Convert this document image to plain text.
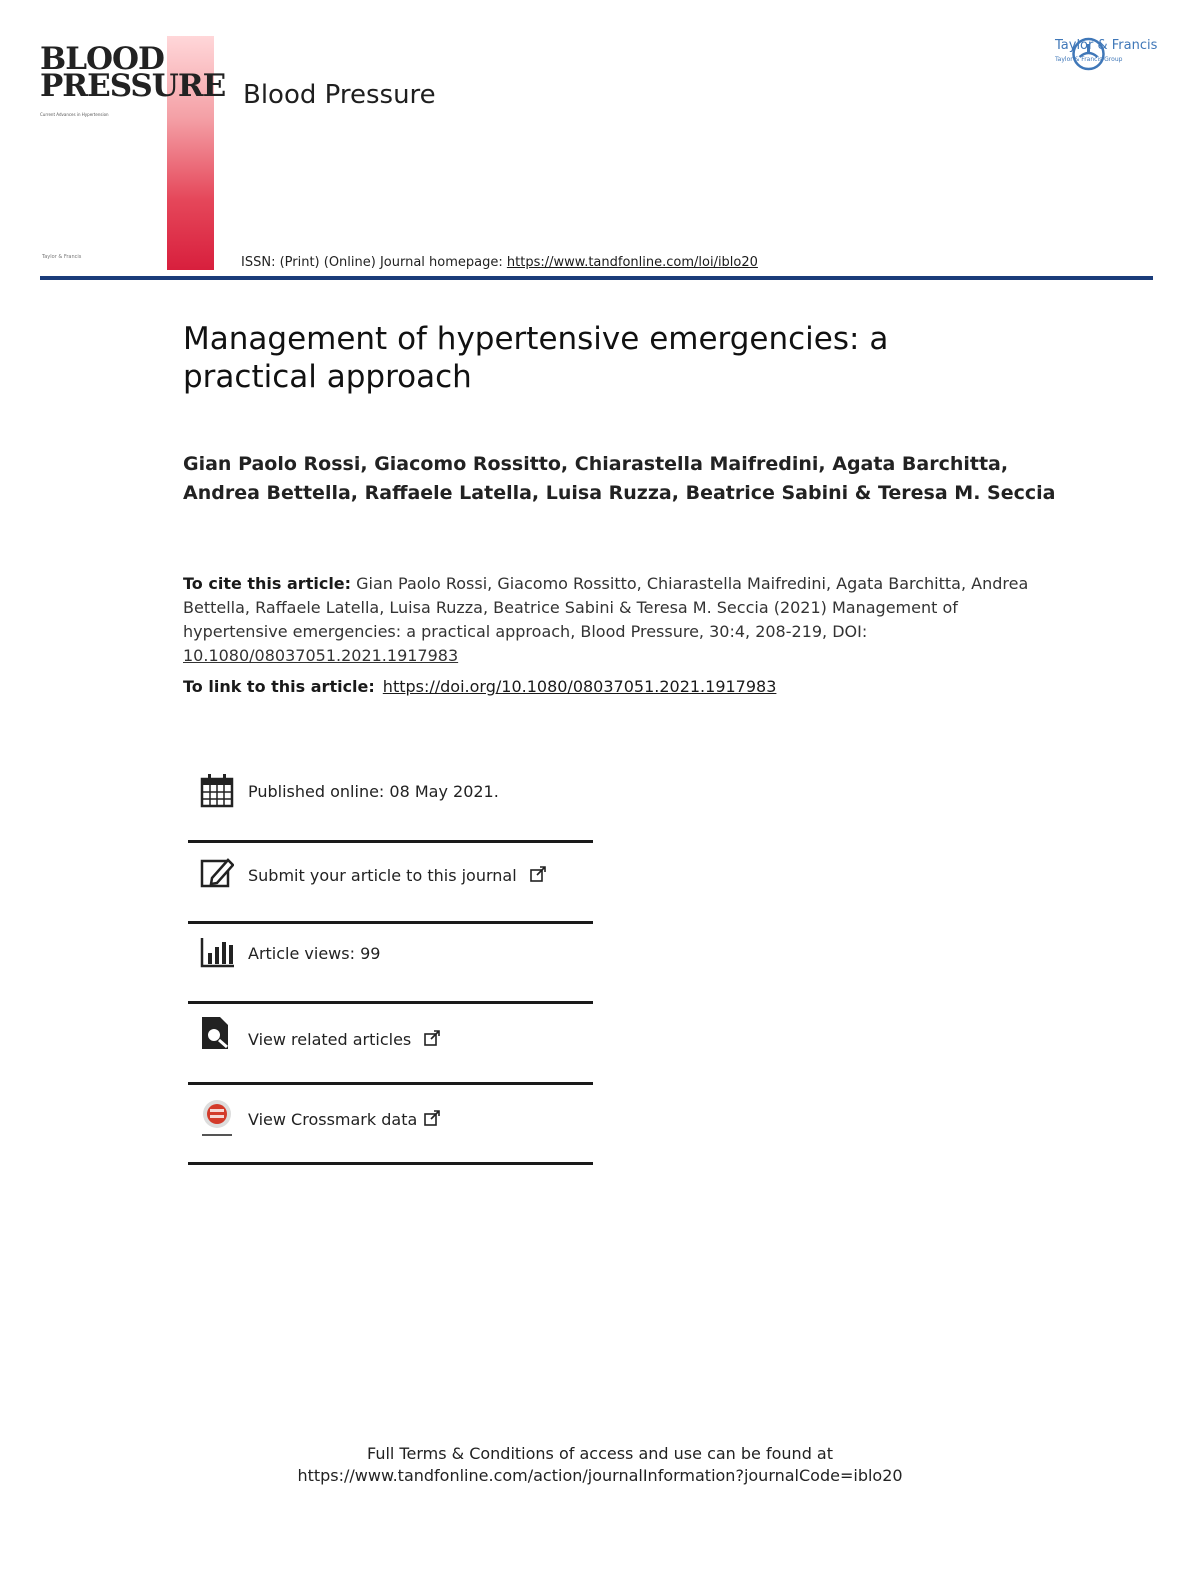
BLOOD
PRESSURE
Current Advances in Hypertension
Taylor & Francis
Blood Pressure
ISSN: (Print) (Online) Journal homepage: https://www.tandfonline.com/loi/iblo20
Taylor & Francis
Taylor & Francis Group
Management of hypertensive emergencies: a practical approach
Gian Paolo Rossi, Giacomo Rossitto, Chiarastella Maifredini, Agata Barchitta, Andrea Bettella, Raffaele Latella, Luisa Ruzza, Beatrice Sabini & Teresa M. Seccia
To cite this article: Gian Paolo Rossi, Giacomo Rossitto, Chiarastella Maifredini, Agata Barchitta, Andrea Bettella, Raffaele Latella, Luisa Ruzza, Beatrice Sabini & Teresa M. Seccia (2021) Management of hypertensive emergencies: a practical approach, Blood Pressure, 30:4, 208-219, DOI: 10.1080/08037051.2021.1917983
To link to this article: https://doi.org/10.1080/08037051.2021.1917983
Published online: 08 May 2021.
Submit your article to this journal
Article views: 99
View related articles
View Crossmark data
Full Terms & Conditions of access and use can be found at
https://www.tandfonline.com/action/journalInformation?journalCode=iblo20
